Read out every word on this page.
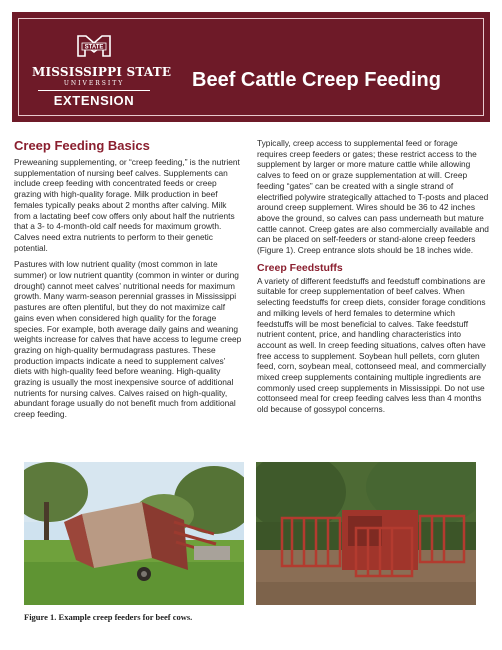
STATE
MISSISSIPPI STATE
UNIVERSITY
EXTENSION
Beef Cattle Creep Feeding
Creep Feeding Basics

Preweaning supplementing, or “creep feeding,” is the nutrient supplementation of nursing beef calves. Supplements can include creep feeding with concentrated feeds or creep grazing with high-quality forage. Milk production in beef females typically peaks about 2 months after calving. Milk from a lactating beef cow offers only about half the nutrients that a 3- to 4-month-old calf needs for maximum growth. Calves need extra nutrients to perform to their genetic potential.

Pastures with low nutrient quality (most common in late summer) or low nutrient quantity (common in winter or during drought) cannot meet calves’ nutritional needs for maximum growth. Many warm-season perennial grasses in Mississippi pastures are often plentiful, but they do not maximize calf gains even when considered high quality for the forage species. For example, both average daily gains and weaning weights increase for calves that have access to legume creep grazing on high-quality bermudagrass pastures. These production impacts indicate a need to supplement calves’ diets with high-quality feed before weaning. High-quality grazing is usually the most inexpensive source of additional nutrients for nursing calves. Calves raised on high-quality, abundant forage usually do not benefit much from additional creep feeding.

Typically, creep access to supplemental feed or forage requires creep feeders or gates; these restrict access to the supplement by larger or more mature cattle while allowing calves to feed on or graze supplementation at will. Creep feeding “gates” can be created with a single strand of electrified polywire strategically attached to T-posts and placed around creep supplement. Wires should be 36 to 42 inches above the ground, so calves can pass underneath but mature cattle cannot. Creep gates are also commercially available and can be placed on self-feeders or stand-alone creep feeders (Figure 1). Creep entrance slots should be 18 inches wide.

Creep Feedstuffs

A variety of different feedstuffs and feedstuff combinations are suitable for creep supplementation of beef calves. When selecting feedstuffs for creep diets, consider forage conditions and milking levels of herd females to determine which feedstuffs will be most beneficial to calves. Take feedstuff nutrient content, price, and handling characteristics into account as well. In creep feeding situations, calves often have free access to supplement. Soybean hull pellets, corn gluten feed, corn, soybean meal, cottonseed meal, and commercially mixed creep supplements containing multiple ingredients are commonly used creep supplements in Mississippi. Do not use cottonseed meal for creep feeding calves less than 4 months old because of gossypol concerns.

Figure 1. Example creep feeders for beef cows.
